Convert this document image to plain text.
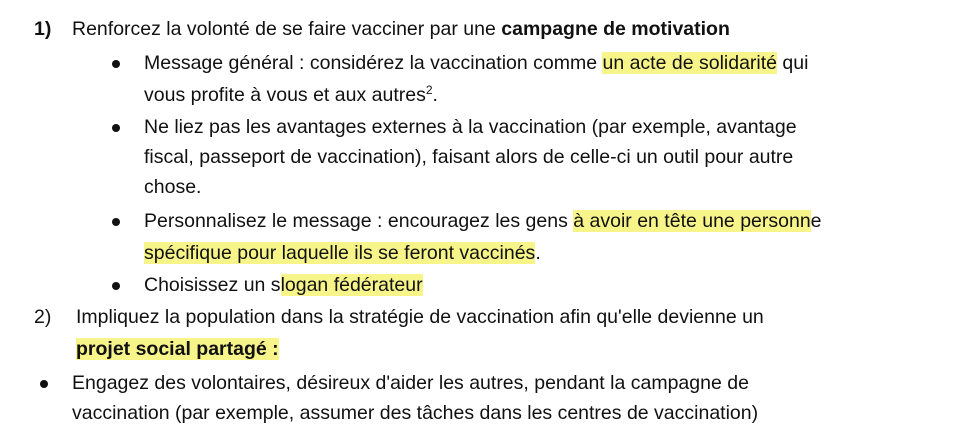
1) Renforcez la volonté de se faire vacciner par une campagne de motivation
Message général : considérez la vaccination comme un acte de solidarité qui
vous profite à vous et aux autres$^2$.
Ne liez pas les avantages externes à la vaccination (par exemple, avantage
fiscal, passeport de vaccination), faisant alors de celle-ci un outil pour autre
chose.
Personnalisez le message : encouragez les gens à avoir en tête une personne
spécifique pour laquelle ils se feront vaccinés.
Choisissez un slogan fédérateur
2) Impliquez la population dans la stratégie de vaccination afin qu'elle devienne un
projet social partagé :
Engagez des volontaires, désireux d'aider les autres, pendant la campagne de
vaccination (par exemple, assumer des tâches dans les centres de vaccination)
